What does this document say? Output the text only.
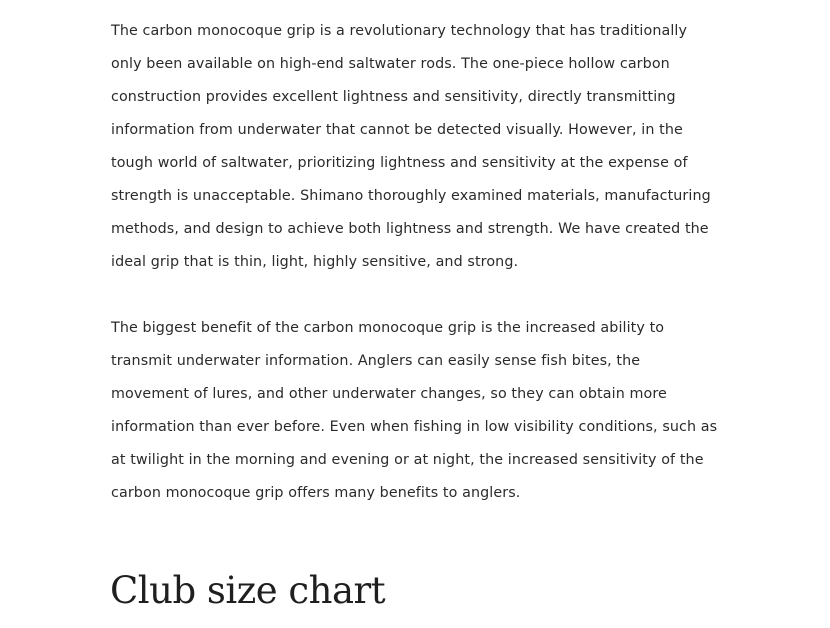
The carbon monocoque grip is a revolutionary technology that has traditionally only been available on high-end saltwater rods. The one-piece hollow carbon construction provides excellent lightness and sensitivity, directly transmitting information from underwater that cannot be detected visually. However, in the tough world of saltwater, prioritizing lightness and sensitivity at the expense of strength is unacceptable. Shimano thoroughly examined materials, manufacturing methods, and design to achieve both lightness and strength. We have created the ideal grip that is thin, light, highly sensitive, and strong.

The biggest benefit of the carbon monocoque grip is the increased ability to transmit underwater information. Anglers can easily sense fish bites, the movement of lures, and other underwater changes, so they can obtain more information than ever before. Even when fishing in low visibility conditions, such as at twilight in the morning and evening or at night, the increased sensitivity of the carbon monocoque grip offers many benefits to anglers.

Club size chart
